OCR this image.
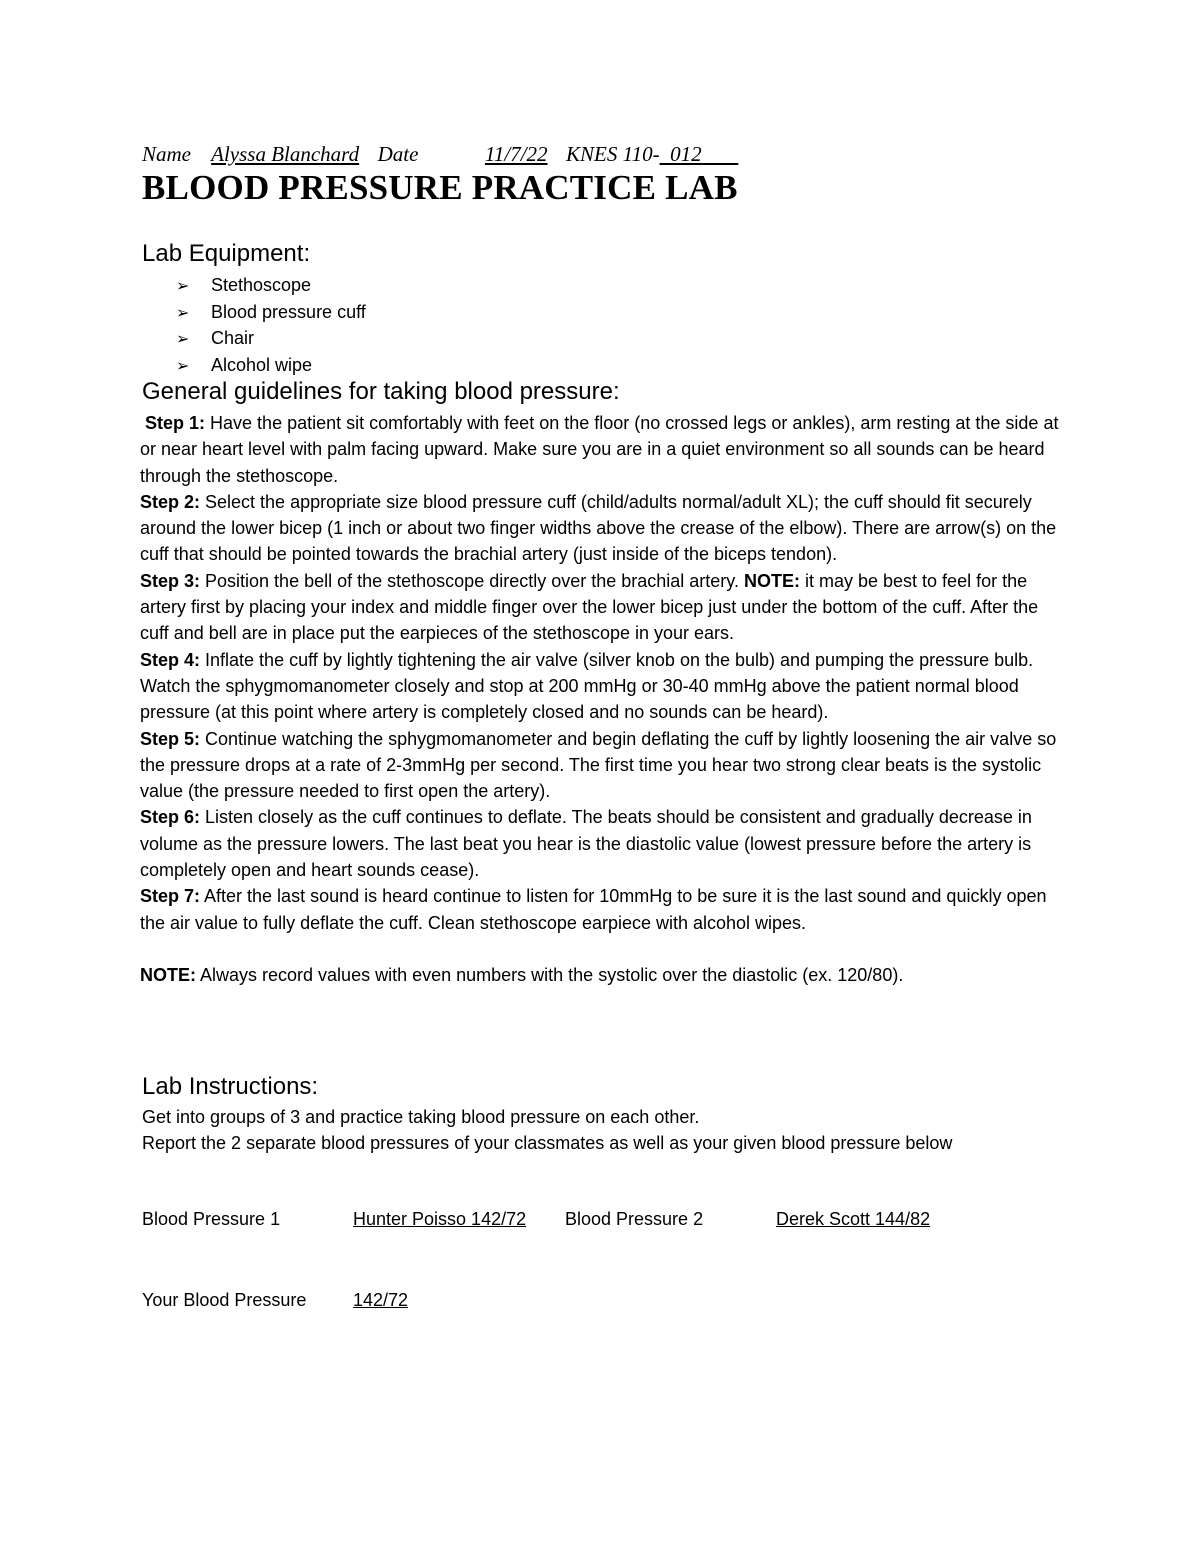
Name Alyssa Blanchard Date	11/7/22 KNES 110- 012
BLOOD PRESSURE PRACTICE LAB
Lab Equipment:
➢ Stethoscope
➢ Blood pressure cuff
➢ Chair
➢ Alcohol wipe
General guidelines for taking blood pressure:

Step 1: Have the patient sit comfortably with feet on the floor (no crossed legs or ankles), arm resting at the side at or near heart level with palm facing upward. Make sure you are in a quiet environment so all sounds can be heard through the stethoscope.

Step 2: Select the appropriate size blood pressure cuff (child/adults normal/adult XL); the cuff should fit securely around the lower bicep (1 inch or about two finger widths above the crease of the elbow). There are arrow(s) on the cuff that should be pointed towards the brachial artery (just inside of the biceps tendon).

Step 3: Position the bell of the stethoscope directly over the brachial artery. NOTE: it may be best to feel for the artery first by placing your index and middle finger over the lower bicep just under the bottom of the cuff. After the cuff and bell are in place put the earpieces of the stethoscope in your ears.

Step 4: Inflate the cuff by lightly tightening the air valve (silver knob on the bulb) and pumping the pressure bulb. Watch the sphygmomanometer closely and stop at 200 mmHg or 30-40 mmHg above the patient normal blood pressure (at this point where artery is completely closed and no sounds can be heard).

Step 5: Continue watching the sphygmomanometer and begin deflating the cuff by lightly loosening the air valve so the pressure drops at a rate of 2-3mmHg per second. The first time you hear two strong clear beats is the systolic value (the pressure needed to first open the artery).

Step 6: Listen closely as the cuff continues to deflate. The beats should be consistent and gradually decrease in volume as the pressure lowers. The last beat you hear is the diastolic value (lowest pressure before the artery is completely open and heart sounds cease).

Step 7: After the last sound is heard continue to listen for 10mmHg to be sure it is the last sound and quickly open the air value to fully deflate the cuff. Clean stethoscope earpiece with alcohol wipes.

NOTE: Always record values with even numbers with the systolic over the diastolic (ex. 120/80).

Lab Instructions:

Get into groups of 3 and practice taking blood pressure on each other.

Report the 2 separate blood pressures of your classmates as well as your given blood pressure below

Blood Pressure 1	Hunter Poisso 142/72 Blood Pressure 2	Derek Scott 144/82
Your Blood Pressure	142/72
